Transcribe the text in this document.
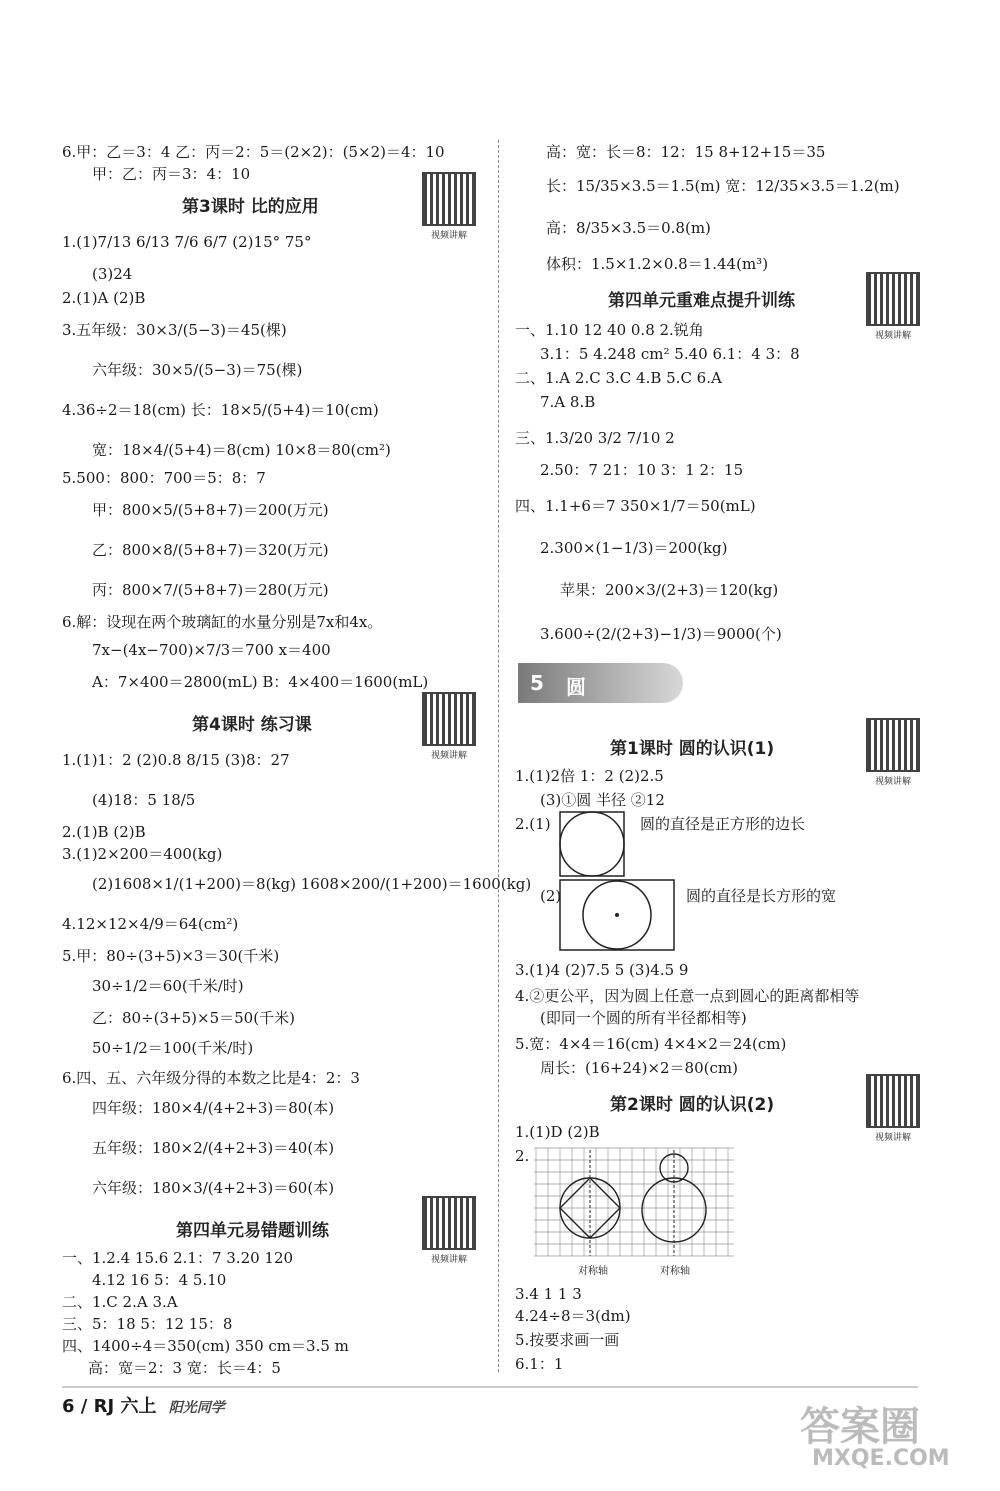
6.甲：乙＝3：4 乙：丙＝2：5＝(2×2)：(5×2)＝4：10
甲：乙：丙＝3：4：10
第3课时 比的应用
1.(1)7/13 6/13 7/6 6/7 (2)15° 75°
(3)24
2.(1)A (2)B
3.五年级：30×3/(5−3)＝45(棵)
六年级：30×5/(5−3)＝75(棵)
4.36÷2＝18(cm) 长：18×5/(5+4)＝10(cm)
宽：18×4/(5+4)＝8(cm) 10×8＝80(cm²)
5.500：800：700＝5：8：7
甲：800×5/(5+8+7)＝200(万元)
乙：800×8/(5+8+7)＝320(万元)
丙：800×7/(5+8+7)＝280(万元)
6.解：设现在两个玻璃缸的水量分别是7x和4x。
7x−(4x−700)×7/3＝700 x＝400
A：7×400＝2800(mL) B：4×400＝1600(mL)
第4课时 练习课
1.(1)1：2 (2)0.8 8/15 (3)8：27
(4)18：5 18/5
2.(1)B (2)B
3.(1)2×200＝400(kg)
(2)1608×1/(1+200)＝8(kg) 1608×200/(1+200)＝1600(kg)
4.12×12×4/9＝64(cm²)
5.甲：80÷(3+5)×3＝30(千米)
30÷1/2＝60(千米/时)
乙：80÷(3+5)×5＝50(千米)
50÷1/2＝100(千米/时)
6.四、五、六年级分得的本数之比是4：2：3
四年级：180×4/(4+2+3)＝80(本)
五年级：180×2/(4+2+3)＝40(本)
六年级：180×3/(4+2+3)＝60(本)
第四单元易错题训练
一、1.2.4 15.6 2.1：7 3.20 120
4.12 16 5：4 5.10
二、1.C 2.A 3.A
三、5：18 5：12 15：8
四、1400÷4＝350(cm) 350 cm＝3.5 m
高：宽＝2：3 宽：长＝4：5
视频讲解
视频讲解
视频讲解
视频讲解
视频讲解
视频讲解
高：宽：长＝8：12：15 8+12+15＝35
长：15/35×3.5＝1.5(m) 宽：12/35×3.5＝1.2(m)
高：8/35×3.5＝0.8(m)
体积：1.5×1.2×0.8＝1.44(m³)
第四单元重难点提升训练
一、1.10 12 40 0.8 2.锐角
3.1：5 4.248 cm² 5.40 6.1：4 3：8
二、1.A 2.C 3.C 4.B 5.C 6.A
7.A 8.B
三、1.3/20 3/2 7/10 2
2.50：7 21：10 3：1 2：15
四、1.1+6＝7 350×1/7＝50(mL)
2.300×(1−1/3)＝200(kg)
苹果：200×3/(2+3)＝120(kg)
3.600÷(2/(2+3)−1/3)＝9000(个)
5 圆
第1课时 圆的认识(1)
1.(1)2倍 1：2 (2)2.5
(3)①圆 半径 ②12
2.(1)	圆的直径是正方形的边长
(2)	圆的直径是长方形的宽
3.(1)4 (2)7.5 5 (3)4.5 9
4.②更公平，因为圆上任意一点到圆心的距离都相等
(即同一个圆的所有半径都相等)
5.宽：4×4＝16(cm) 4×4×2＝24(cm)
周长：(16+24)×2＝80(cm)
第2课时 圆的认识(2)
1.(1)D (2)B
2.
对称轴	对称轴
3.4 1 1 3
4.24÷8＝3(dm)
5.按要求画一画
6.1：1
6 / RJ 六上 阳光同学	答案圈
MXQE.COM
